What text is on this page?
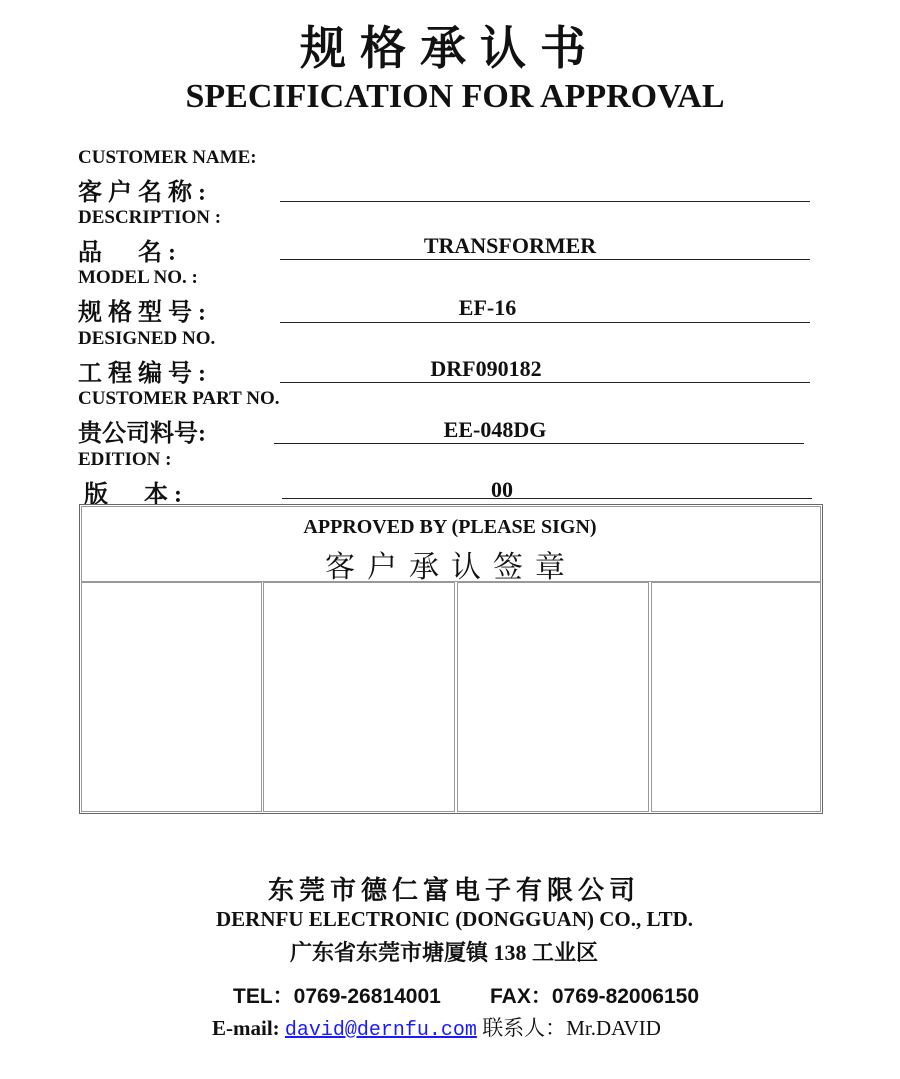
规格承认书
SPECIFICATION FOR APPROVAL
CUSTOMER NAME:
客户名称:
DESCRIPTION :
品　名:	TRANSFORMER
MODEL NO. :
规格型号:	EF-16
DESIGNED NO.
工程编号:	DRF090182
CUSTOMER PART NO.
贵公司料号:	EE-048DG
EDITION :
版　本:	00
APPROVED BY (PLEASE SIGN)
客户承认签章
东莞市德仁富电子有限公司
DERNFU ELECTRONIC (DONGGUAN) CO., LTD.
广东省东莞市塘厦镇 138 工业区
TEL：0769-26814001 FAX：0769-82006150
E-mail: david@dernfu.com 联系人：Mr.DAVID
